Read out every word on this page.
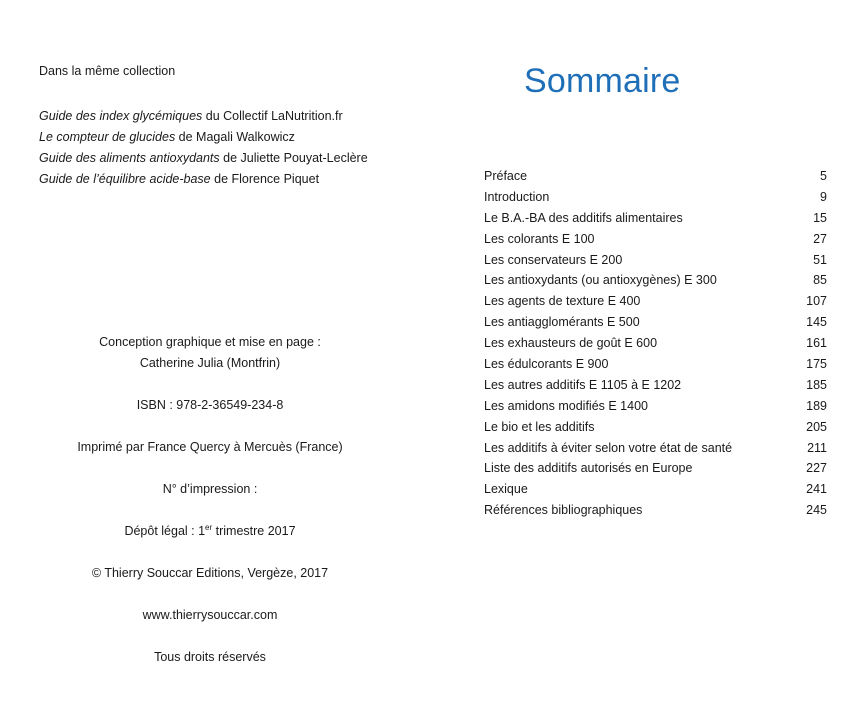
Dans la même collection
Guide des index glycémiques du Collectif LaNutrition.fr
Le compteur de glucides de Magali Walkowicz
Guide des aliments antioxydants de Juliette Pouyat-Leclère
Guide de l’équilibre acide-base de Florence Piquet
Conception graphique et mise en page :
Catherine Julia (Montfrin)
ISBN : 978-2-36549-234-8
Imprimé par France Quercy à Mercuès (France)
N° d’impression :
Dépôt légal : 1er trimestre 2017
© Thierry Souccar Editions, Vergèze, 2017
www.thierrysouccar.com
Tous droits réservés
Sommaire
Préface	5
Introduction	9
Le B.A.-BA des additifs alimentaires	15
Les colorants E 100	27
Les conservateurs E 200	51
Les antioxydants (ou antioxygènes) E 300	85
Les agents de texture E 400	107
Les antiagglomérants E 500	145
Les exhausteurs de goût E 600	161
Les édulcorants E 900	175
Les autres additifs E 1105 à E 1202	185
Les amidons modifiés E 1400	189
Le bio et les additifs	205
Les additifs à éviter selon votre état de santé	211
Liste des additifs autorisés en Europe	227
Lexique	241
Références bibliographiques	245
